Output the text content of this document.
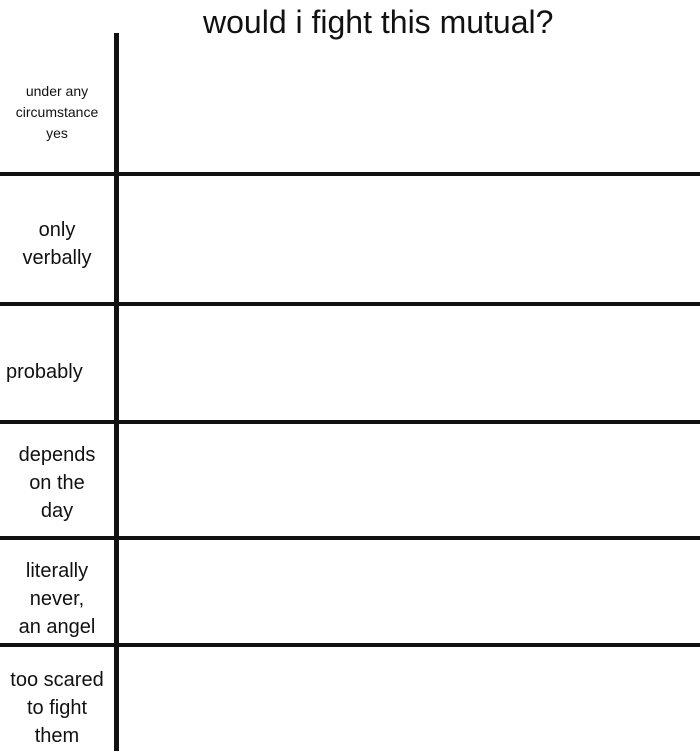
would i fight this mutual?
under any
circumstance
yes
only
verbally
probably
depends
on the
day
literally
never,
an angel
too scared
to fight
them
